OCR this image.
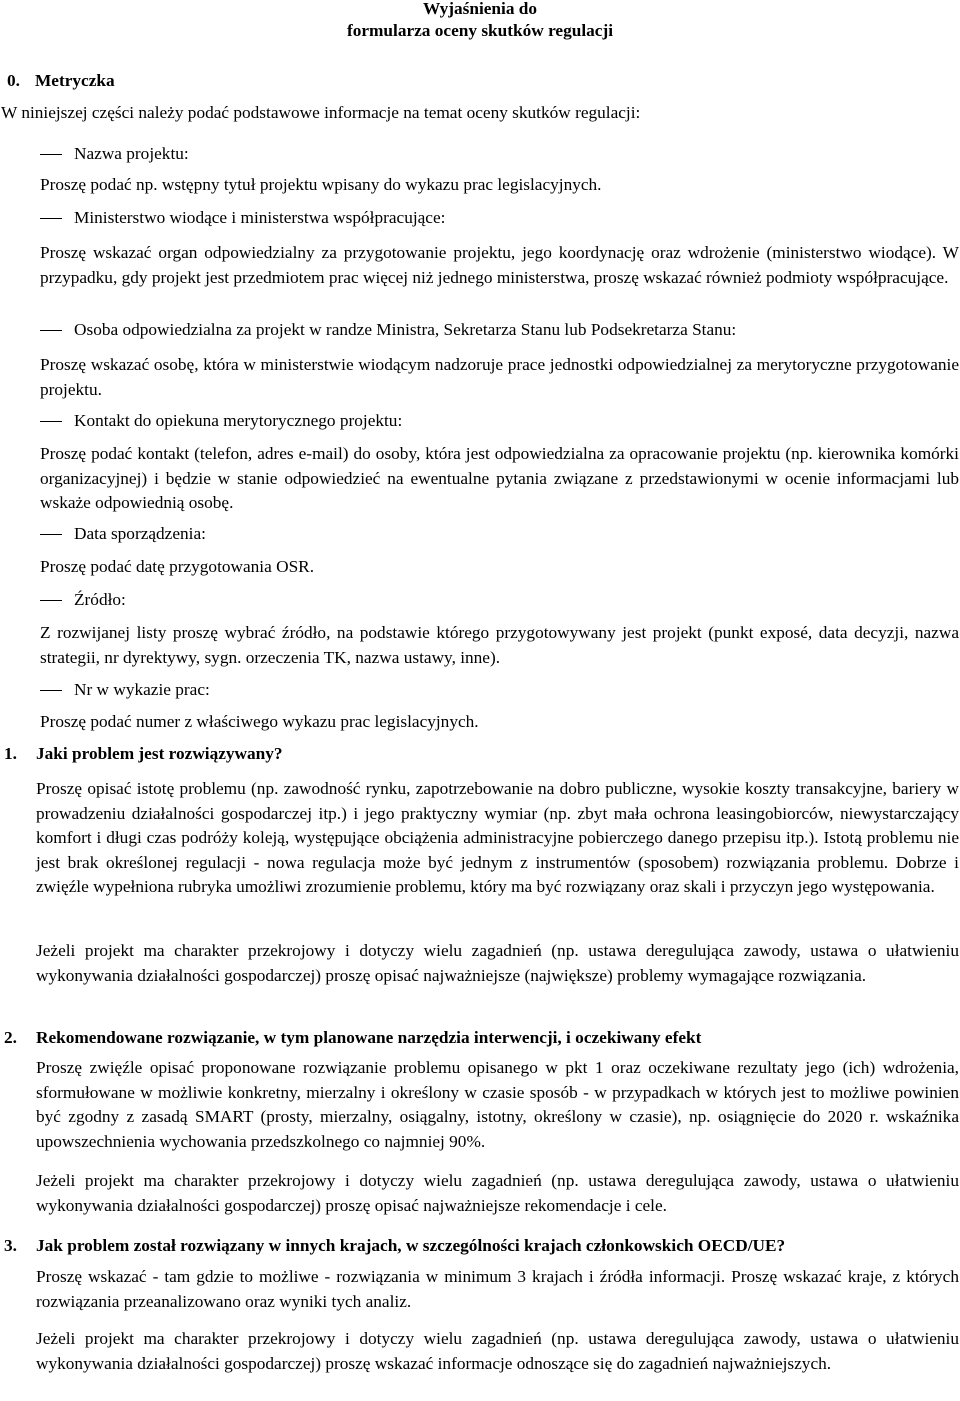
Wyjaśnienia do
formularza oceny skutków regulacji
0. Metryczka

W niniejszej części należy podać podstawowe informacje na temat oceny skutków regulacji:

Nazwa projektu:

Proszę podać np. wstępny tytuł projektu wpisany do wykazu prac legislacyjnych.

Ministerstwo wiodące i ministerstwa współpracujące:

Proszę wskazać organ odpowiedzialny za przygotowanie projektu, jego koordynację oraz wdrożenie (ministerstwo wiodące). W przypadku, gdy projekt jest przedmiotem prac więcej niż jednego ministerstwa, proszę wskazać również podmioty współpracujące.

Osoba odpowiedzialna za projekt w randze Ministra, Sekretarza Stanu lub Podsekretarza Stanu:

Proszę wskazać osobę, która w ministerstwie wiodącym nadzoruje prace jednostki odpowiedzialnej za merytoryczne przygotowanie projektu.

Kontakt do opiekuna merytorycznego projektu:

Proszę podać kontakt (telefon, adres e-mail) do osoby, która jest odpowiedzialna za opracowanie projektu (np. kierownika komórki organizacyjnej) i będzie w stanie odpowiedzieć na ewentualne pytania związane z przedstawionymi w ocenie informacjami lub wskaże odpowiednią osobę.

Data sporządzenia:

Proszę podać datę przygotowania OSR.

Źródło:

Z rozwijanej listy proszę wybrać źródło, na podstawie którego przygotowywany jest projekt (punkt exposé, data decyzji, nazwa strategii, nr dyrektywy, sygn. orzeczenia TK, nazwa ustawy, inne).

Nr w wykazie prac:

Proszę podać numer z właściwego wykazu prac legislacyjnych.

1. Jaki problem jest rozwiązywany?

Proszę opisać istotę problemu (np. zawodność rynku, zapotrzebowanie na dobro publiczne, wysokie koszty transakcyjne, bariery w prowadzeniu działalności gospodarczej itp.) i jego praktyczny wymiar (np. zbyt mała ochrona leasingobiorców, niewystarczający komfort i długi czas podróży koleją, występujące obciążenia administracyjne pobierczego danego przepisu itp.). Istotą problemu nie jest brak określonej regulacji - nowa regulacja może być jednym z instrumentów (sposobem) rozwiązania problemu. Dobrze i zwięźle wypełniona rubryka umożliwi zrozumienie problemu, który ma być rozwiązany oraz skali i przyczyn jego występowania.

Jeżeli projekt ma charakter przekrojowy i dotyczy wielu zagadnień (np. ustawa deregulująca zawody, ustawa o ułatwieniu wykonywania działalności gospodarczej) proszę opisać najważniejsze (największe) problemy wymagające rozwiązania.

2. Rekomendowane rozwiązanie, w tym planowane narzędzia interwencji, i oczekiwany efekt

Proszę zwięźle opisać proponowane rozwiązanie problemu opisanego w pkt 1 oraz oczekiwane rezultaty jego (ich) wdrożenia, sformułowane w możliwie konkretny, mierzalny i określony w czasie sposób - w przypadkach w których jest to możliwe powinien być zgodny z zasadą SMART (prosty, mierzalny, osiągalny, istotny, określony w czasie), np. osiągnięcie do 2020 r. wskaźnika upowszechnienia wychowania przedszkolnego co najmniej 90%.

Jeżeli projekt ma charakter przekrojowy i dotyczy wielu zagadnień (np. ustawa deregulująca zawody, ustawa o ułatwieniu wykonywania działalności gospodarczej) proszę opisać najważniejsze rekomendacje i cele.

3. Jak problem został rozwiązany w innych krajach, w szczególności krajach członkowskich OECD/UE?

Proszę wskazać - tam gdzie to możliwe - rozwiązania w minimum 3 krajach i źródła informacji. Proszę wskazać kraje, z których rozwiązania przeanalizowano oraz wyniki tych analiz.

Jeżeli projekt ma charakter przekrojowy i dotyczy wielu zagadnień (np. ustawa deregulująca zawody, ustawa o ułatwieniu wykonywania działalności gospodarczej) proszę wskazać informacje odnoszące się do zagadnień najważniejszych.
